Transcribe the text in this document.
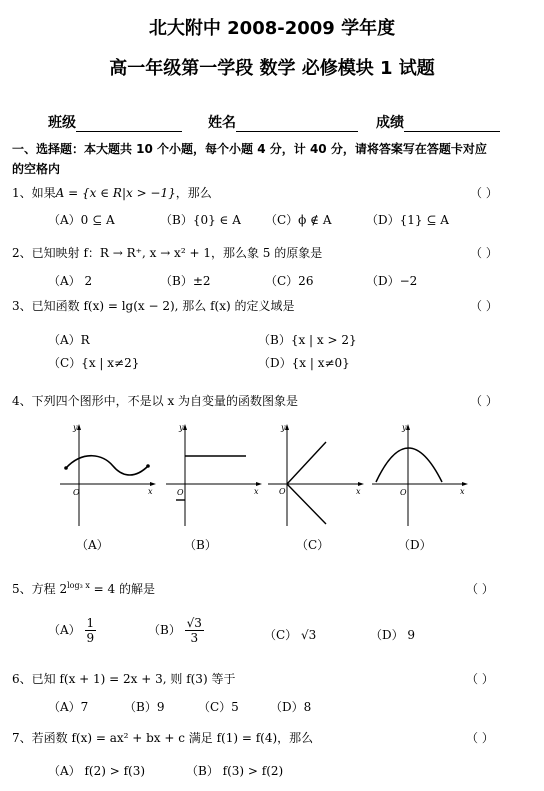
北大附中 2008-2009 学年度
高一年级第一学段 数学 必修模块 1 试题
班级	姓名	成绩
一、选择题：本大题共 10 个小题，每个小题 4 分，计 40 分，请将答案写在答题卡对应
的空格内
1、如果A = {x ∈ R|x > −1}，那么	（ ）
（A）0 ⊆ A	（B）{0} ∈ A （C）ϕ ∉ A	（D）{1} ⊆ A
2、已知映射 f：R → R⁺, x → x² + 1，那么象 5 的原象是	（ ）
（A） 2	（B）±2	（C）26	（D）−2
3、已知函数 f(x) = lg(x − 2), 那么 f(x) 的定义域是	（ ）
（A）R	（B）{x | x > 2}
（C）{x | x≠2}	（D）{x | x≠0}
4、下列四个图形中，不是以 x 为自变量的函数图象是	（ ）
y
O	x
（A）
y
O	x
（B）
y
O	x
（C）
y
O	x
（D）
5、方程 $2^{log_3 x} = 4$ 的解是	（ ）
$(A) \frac{1}{9}$	$(B) \frac{√3}{3}$	（C） √3	（D） 9
6、已知 f(x + 1) = 2x + 3, 则 f(3) 等于	（ ）
（A）7	（B）9	（C）5	（D）8
7、若函数 f(x) = ax² + bx + c 满足 f(1) = f(4)，那么	（ ）
（A） f(2) > f(3)	（B） f(3) > f(2)
